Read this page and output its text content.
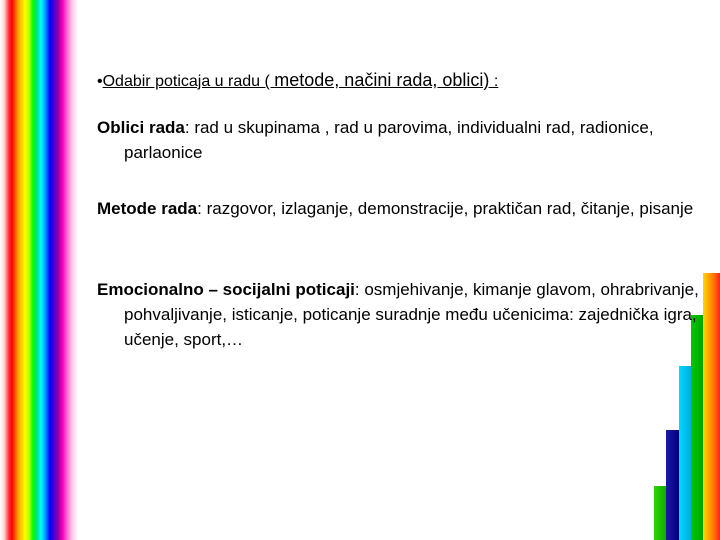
•Odabir poticaja u radu ( metode, načini rada, oblici) :
Oblici rada: rad u skupinama , rad u parovima, individualni rad, radionice, parlaonice
Metode rada: razgovor, izlaganje, demonstracije, praktičan rad, čitanje, pisanje
Emocionalno – socijalni poticaji: osmjehivanje, kimanje glavom, ohrabrivanje, pohvaljivanje, isticanje, poticanje suradnje među učenicima: zajednička igra, učenje, sport,…
